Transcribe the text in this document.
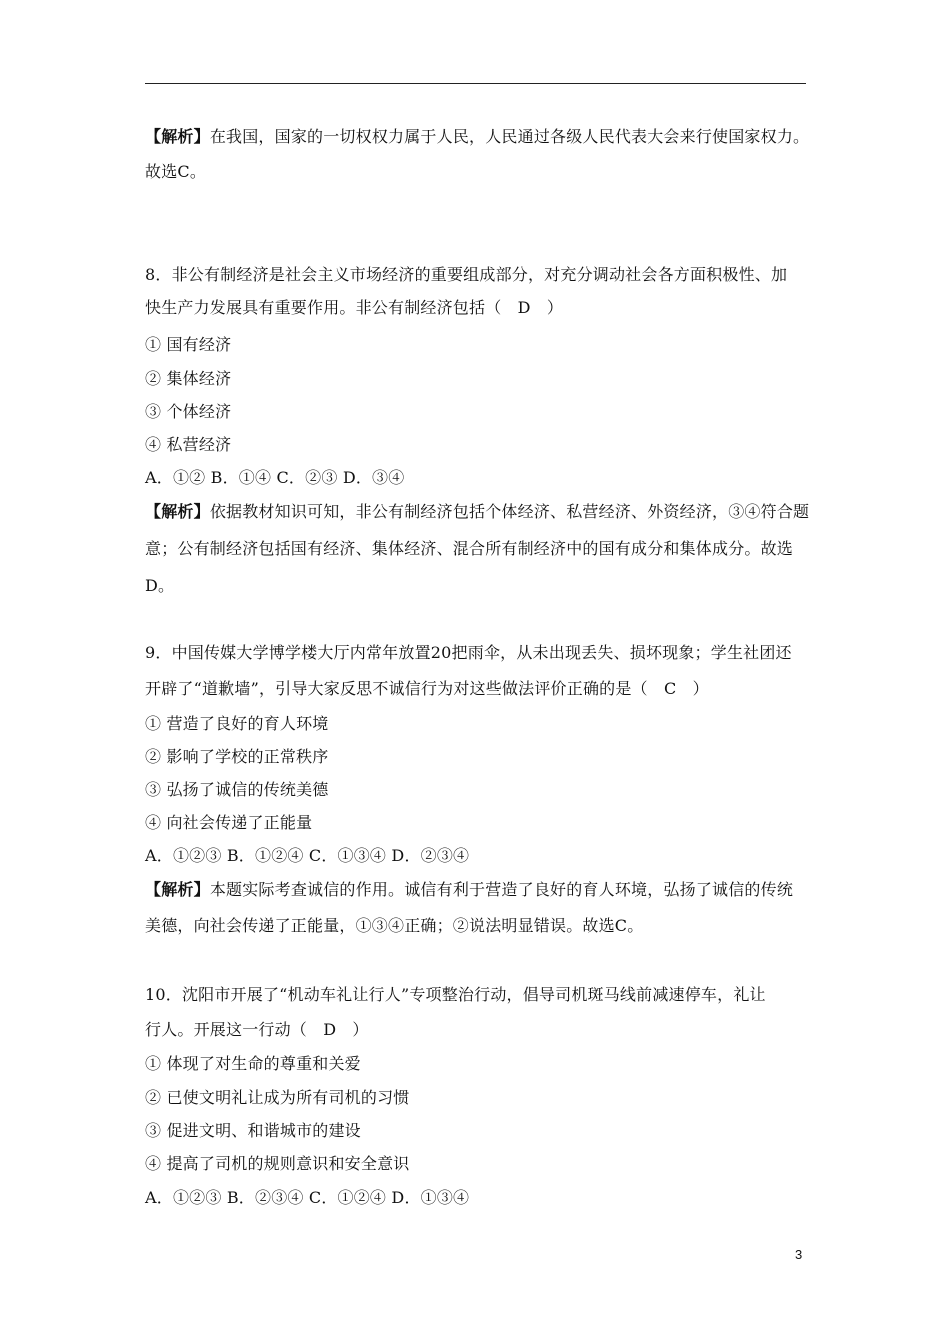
【解析】在我国，国家的一切权权力属于人民，人民通过各级人民代表大会来行使国家权力。
故选C。
8．非公有制经济是社会主义市场经济的重要组成部分，对充分调动社会各方面积极性、加
快生产力发展具有重要作用。非公有制经济包括（　D　）
① 国有经济
② 集体经济
③ 个体经济
④ 私营经济
A．①② B．①④ C．②③ D．③④
【解析】依据教材知识可知，非公有制经济包括个体经济、私营经济、外资经济，③④符合题
意；公有制经济包括国有经济、集体经济、混合所有制经济中的国有成分和集体成分。故选
D。
9．中国传媒大学博学楼大厅内常年放置20把雨伞，从未出现丢失、损坏现象；学生社团还
开辟了“道歉墙”，引导大家反思不诚信行为对这些做法评价正确的是（　C　）
① 营造了良好的育人环境
② 影响了学校的正常秩序
③ 弘扬了诚信的传统美德
④ 向社会传递了正能量
A．①②③ B．①②④ C．①③④ D．②③④
【解析】本题实际考查诚信的作用。诚信有利于营造了良好的育人环境，弘扬了诚信的传统
美德，向社会传递了正能量，①③④正确；②说法明显错误。故选C。
10．沈阳市开展了“机动车礼让行人”专项整治行动，倡导司机斑马线前减速停车，礼让
行人。开展这一行动（　D　）
① 体现了对生命的尊重和关爱
② 已使文明礼让成为所有司机的习惯
③ 促进文明、和谐城市的建设
④ 提高了司机的规则意识和安全意识
A．①②③ B．②③④ C．①②④ D．①③④
3
